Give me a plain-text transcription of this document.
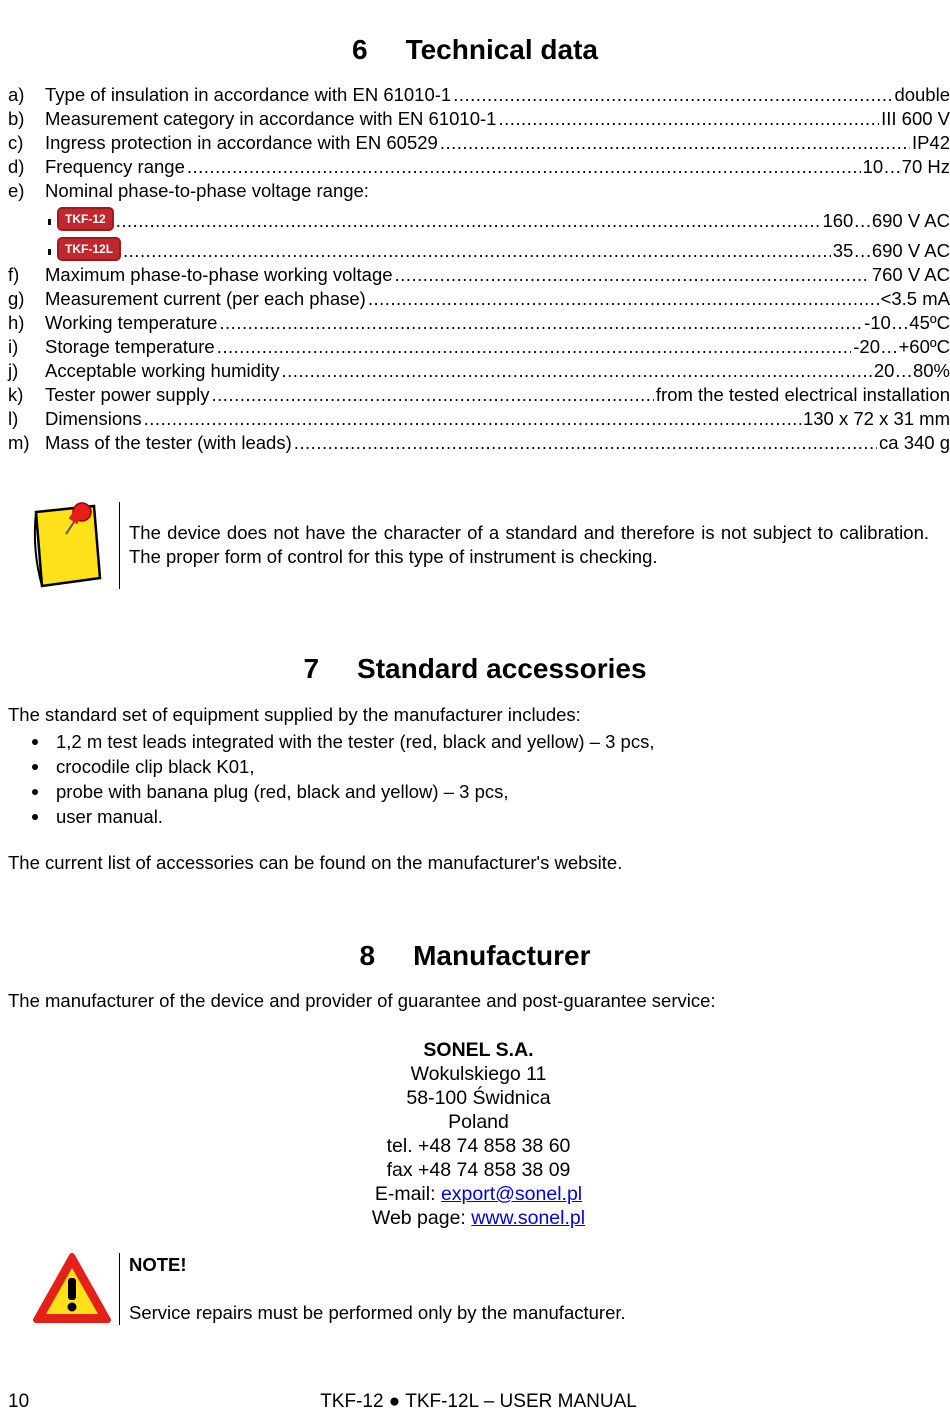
6 Technical data
a)	Type of insulation in accordance with EN 61010-1 .....	double
b)	Measurement category in accordance with EN 61010-1 .....	III 600 V
c)	Ingress protection in accordance with EN 60529 .....	IP42
d)	Frequency range .....	10…70 Hz
e)	Nominal phase-to-phase voltage range:
TKF-12 .....	160…690 V AC
TKF-12L .....	35…690 V AC
f)	Maximum phase-to-phase working voltage .....	760 V AC
g)	Measurement current (per each phase) .....	<3.5 mA
h)	Working temperature .....	-10…45ºC
i)	Storage temperature .....	-20…+60ºC
j)	Acceptable working humidity .....	20…80%
k)	Tester power supply .....	from the tested electrical installation
l)	Dimensions .....	130 x 72 x 31 mm
m) Mass of the tester (with leads) .....	ca 340 g
The device does not have the character of a standard and therefore is not subject to calibration. The proper form of control for this type of instrument is checking.
7 Standard accessories
The standard set of equipment supplied by the manufacturer includes:
1,2 m test leads integrated with the tester (red, black and yellow) – 3 pcs,
crocodile clip black K01,
probe with banana plug (red, black and yellow) – 3 pcs,
user manual.
The current list of accessories can be found on the manufacturer's website.
8 Manufacturer
The manufacturer of the device and provider of guarantee and post-guarantee service:
SONEL S.A.
Wokulskiego 11
58-100 Świdnica
Poland
tel. +48 74 858 38 60
fax +48 74 858 38 09
E-mail: export@sonel.pl
Web page: www.sonel.pl
NOTE!
Service repairs must be performed only by the manufacturer.
10	TKF-12 ● TKF-12L – USER MANUAL
